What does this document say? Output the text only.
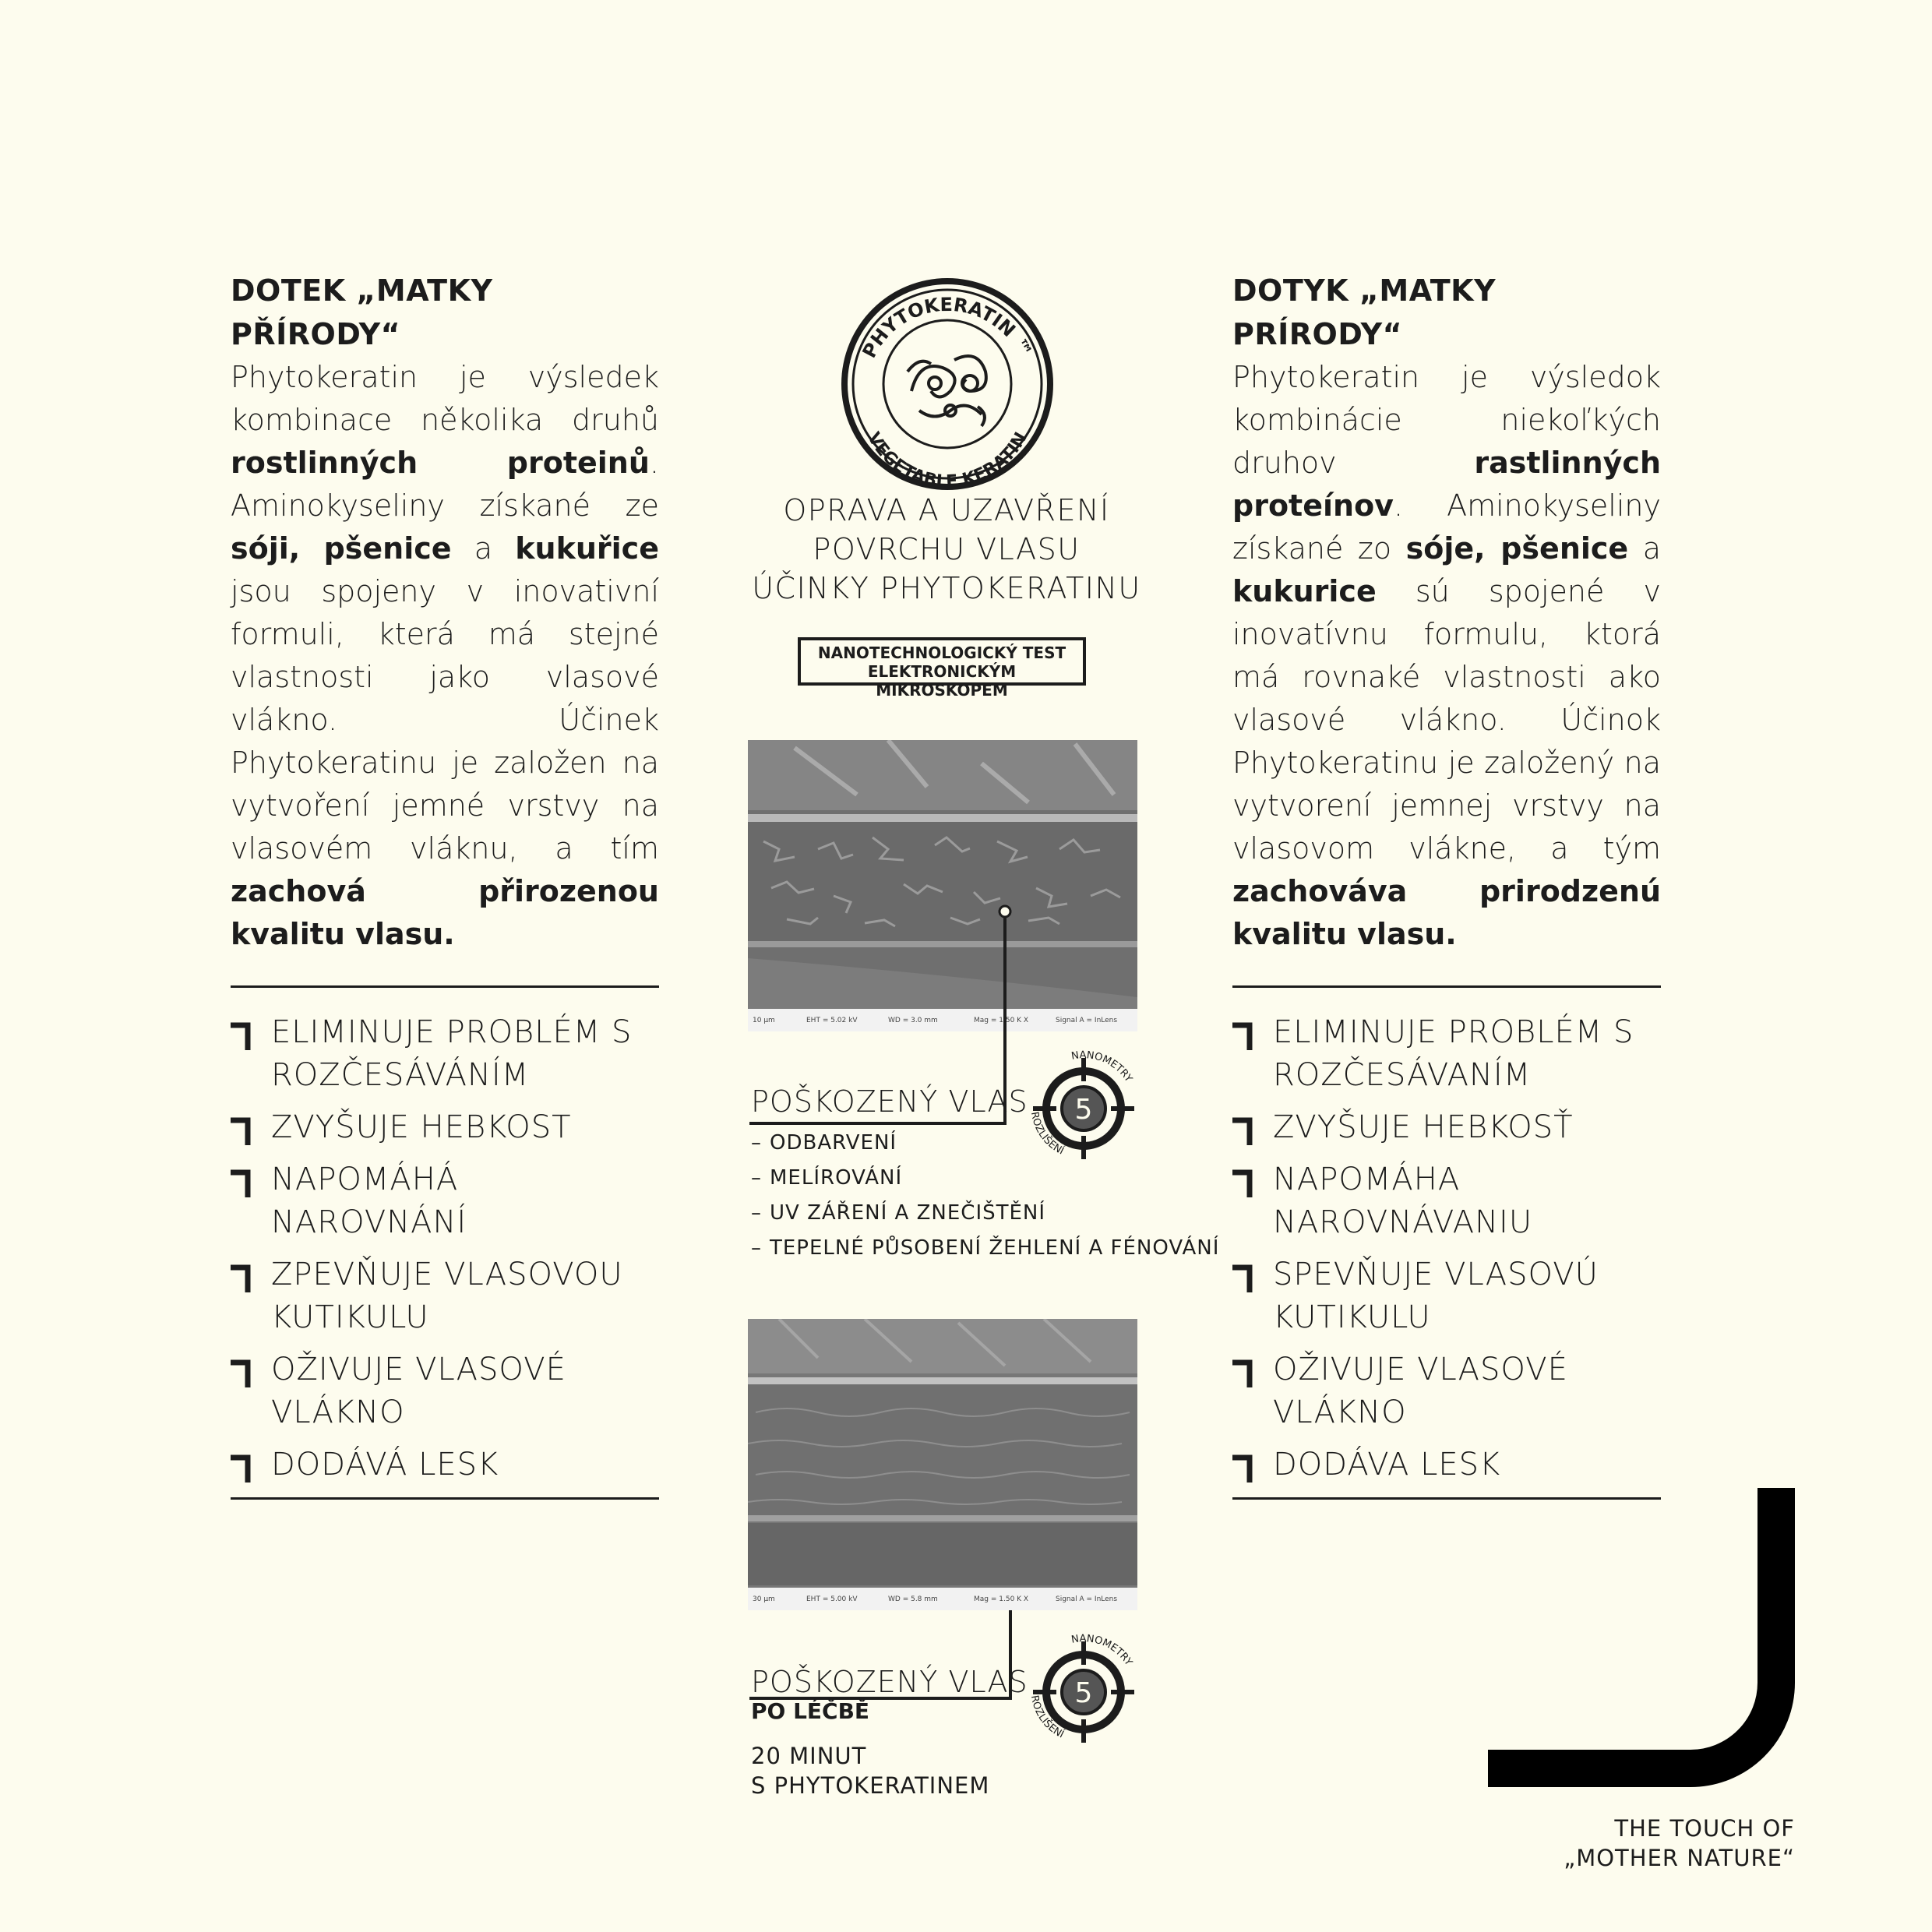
DOTEK „MATKY PŘÍRODY“

Phytokeratin je výsledek kombinace několika druhů rostlinných proteinů. Aminokyseliny získané ze sóji, pšenice a kukuřice jsou spojeny v inovativní formuli, která má stejné vlastnosti jako vlasové vlákno. Účinek Phytokeratinu je založen na vytvoření jemné vrstvy na vlasovém vláknu, a tím zachová přirozenou kvalitu vlasu.

ELIMINUJE PROBLÉM S ROZČESÁVÁNÍM
ZVYŠUJE HEBKOST
NAPOMÁHÁ NAROVNÁNÍ
ZPEVŇUJE VLASOVOU KUTIKULU
OŽIVUJE VLASOVÉ VLÁKNO
DODÁVÁ LESK
DOTYK „MATKY PRÍRODY“

Phytokeratin je výsledok kombinácie niekoľkých druhov rastlinných proteínov. Aminokyseliny získané zo sóje, pšenice a kukurice sú spojené v inovatívnu formulu, ktorá má rovnaké vlastnosti ako vlasové vlákno. Účinok Phytokeratinu je založený na vytvorení jemnej vrstvy na vlasovom vlákne, a tým zachováva prirodzenú kvalitu vlasu.

ELIMINUJE PROBLÉM S ROZČESÁVANÍM
ZVYŠUJE HEBKOSŤ
NAPOMÁHA NAROVNÁVANIU
SPEVŇUJE VLASOVÚ KUTIKULU
OŽIVUJE VLASOVÉ VLÁKNO
DODÁVA LESK
PHYTOKERATIN ™
VEGETABLE KERATIN
OPRAVA A UZAVŘENÍ
POVRCHU VLASU
ÚČINKY PHYTOKERATINU
NANOTECHNOLOGICKÝ TEST
ELEKTRONICKÝM MIKROSKOPEM
10 µm	EHT = 5.02 kV	WD = 3.0 mm	Mag = 1.50 K X	Signal A = InLens
POŠKOZENÝ VLAS
– ODBARVENÍ
– MELÍROVÁNÍ
– UV ZÁŘENÍ A ZNEČIŠTĚNÍ
– TEPELNÉ PŮSOBENÍ ŽEHLENÍ A FÉNOVÁNÍ
30 µm	EHT = 5.00 kV	WD = 5.8 mm	Mag = 1.50 K X	Signal A = InLens
POŠKOZENÝ VLAS
PO LÉČBĚ
20 MINUT
S PHYTOKERATINEM
5
NANOMETRY
ROZLIŠENÍ
5
NANOMETRY
ROZLIŠENÍ
THE TOUCH OF
„MOTHER NATURE“
